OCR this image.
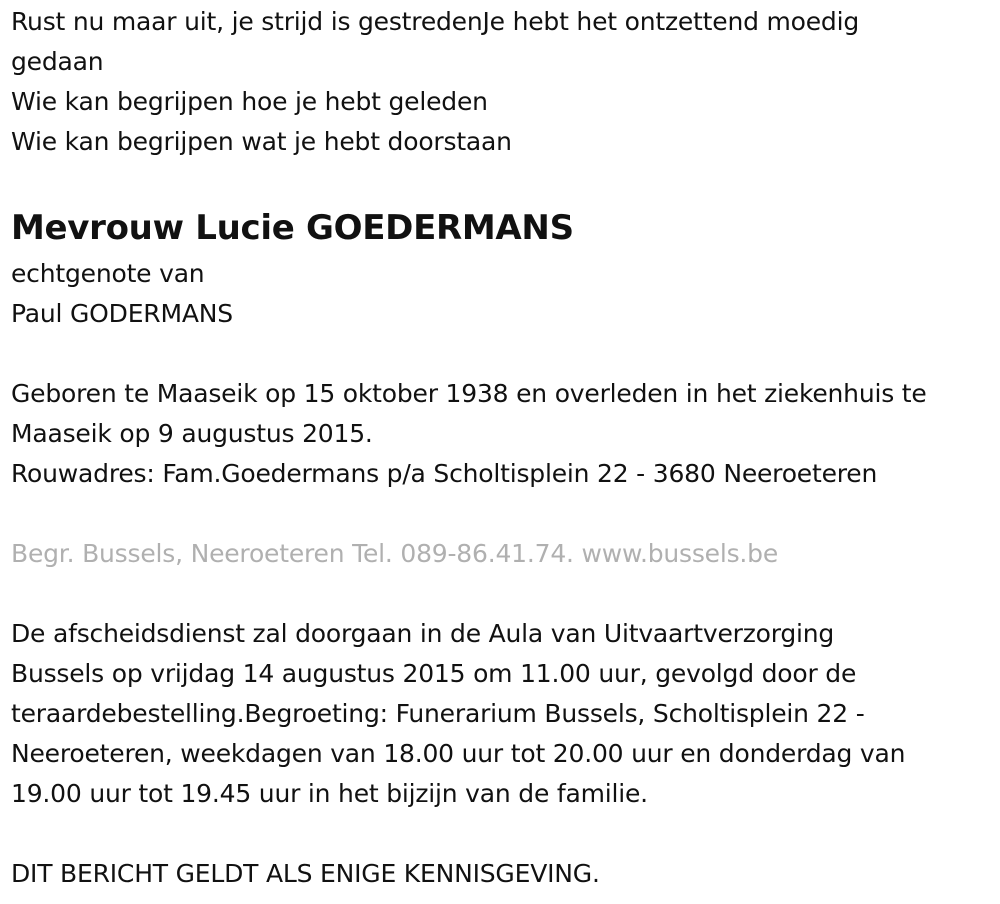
Rust nu maar uit, je strijd is gestredenJe hebt het ontzettend moedig
gedaan
Wie kan begrijpen hoe je hebt geleden
Wie kan begrijpen wat je hebt doorstaan
Mevrouw Lucie GOEDERMANS
echtgenote van
Paul GODERMANS
Geboren te Maaseik op 15 oktober 1938 en overleden in het ziekenhuis te
Maaseik op 9 augustus 2015.
Rouwadres: Fam.Goedermans p/a Scholtisplein 22 - 3680 Neeroeteren
Begr. Bussels, Neeroeteren Tel. 089-86.41.74. www.bussels.be
De afscheidsdienst zal doorgaan in de Aula van Uitvaartverzorging
Bussels op vrijdag 14 augustus 2015 om 11.00 uur, gevolgd door de
teraardebestelling.Begroeting: Funerarium Bussels, Scholtisplein 22 -
Neeroeteren, weekdagen van 18.00 uur tot 20.00 uur en donderdag van
19.00 uur tot 19.45 uur in het bijzijn van de familie.
DIT BERICHT GELDT ALS ENIGE KENNISGEVING.
